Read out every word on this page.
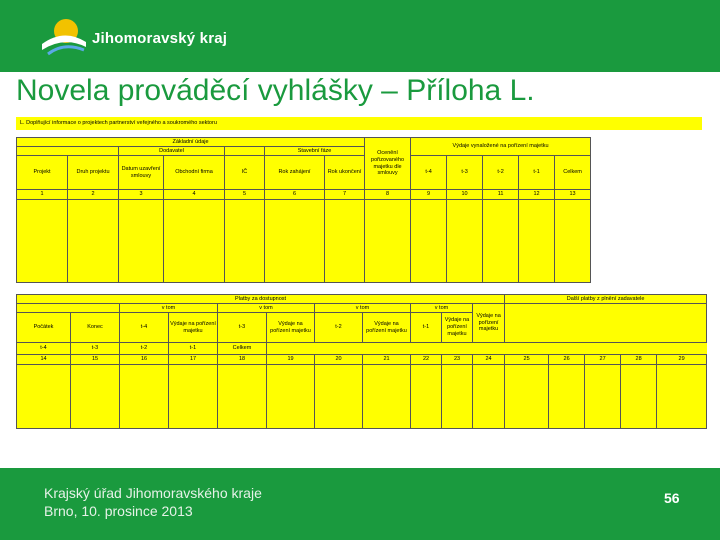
Jihomoravský kraj
Novela prováděcí vyhlášky – Příloha L.
L. Doplňující informace o projektech partnerství veřejného a soukromého sektoru
Základní údaje							Ocenění pořizovaného majetku dle smlouvy	Výdaje vynaložené na pořízení majetku				
		Dodavatel			Stavební fáze							
Projekt	Druh projektu	Datum uzavření smlouvy	Obchodní firma	IČ	Rok zahájení	Rok ukončení		t-4	t-3	t-2	t-1	Celkem
1	2	3	4	5	6	7	8	9	10	11	12	13

Platby za dostupnost											Další platby z plnění zadavatele				
		v tom		v tom		v tom		v tom		Výdaje na pořízení majetku					
Počátek	Konec	t-4	Výdaje na pořízení majetku	t-3	Výdaje na pořízení majetku	t-2	Výdaje na pořízení majetku	t-1	Výdaje na pořízení majetku						
t-4	t-3	t-2	t-1	Celkem											
14	15	16	17	18	19	20	21	22	23	24	25	26	27	28	29

Krajský úřad Jihomoravského kraje
Brno, 10. prosince 2013
56
